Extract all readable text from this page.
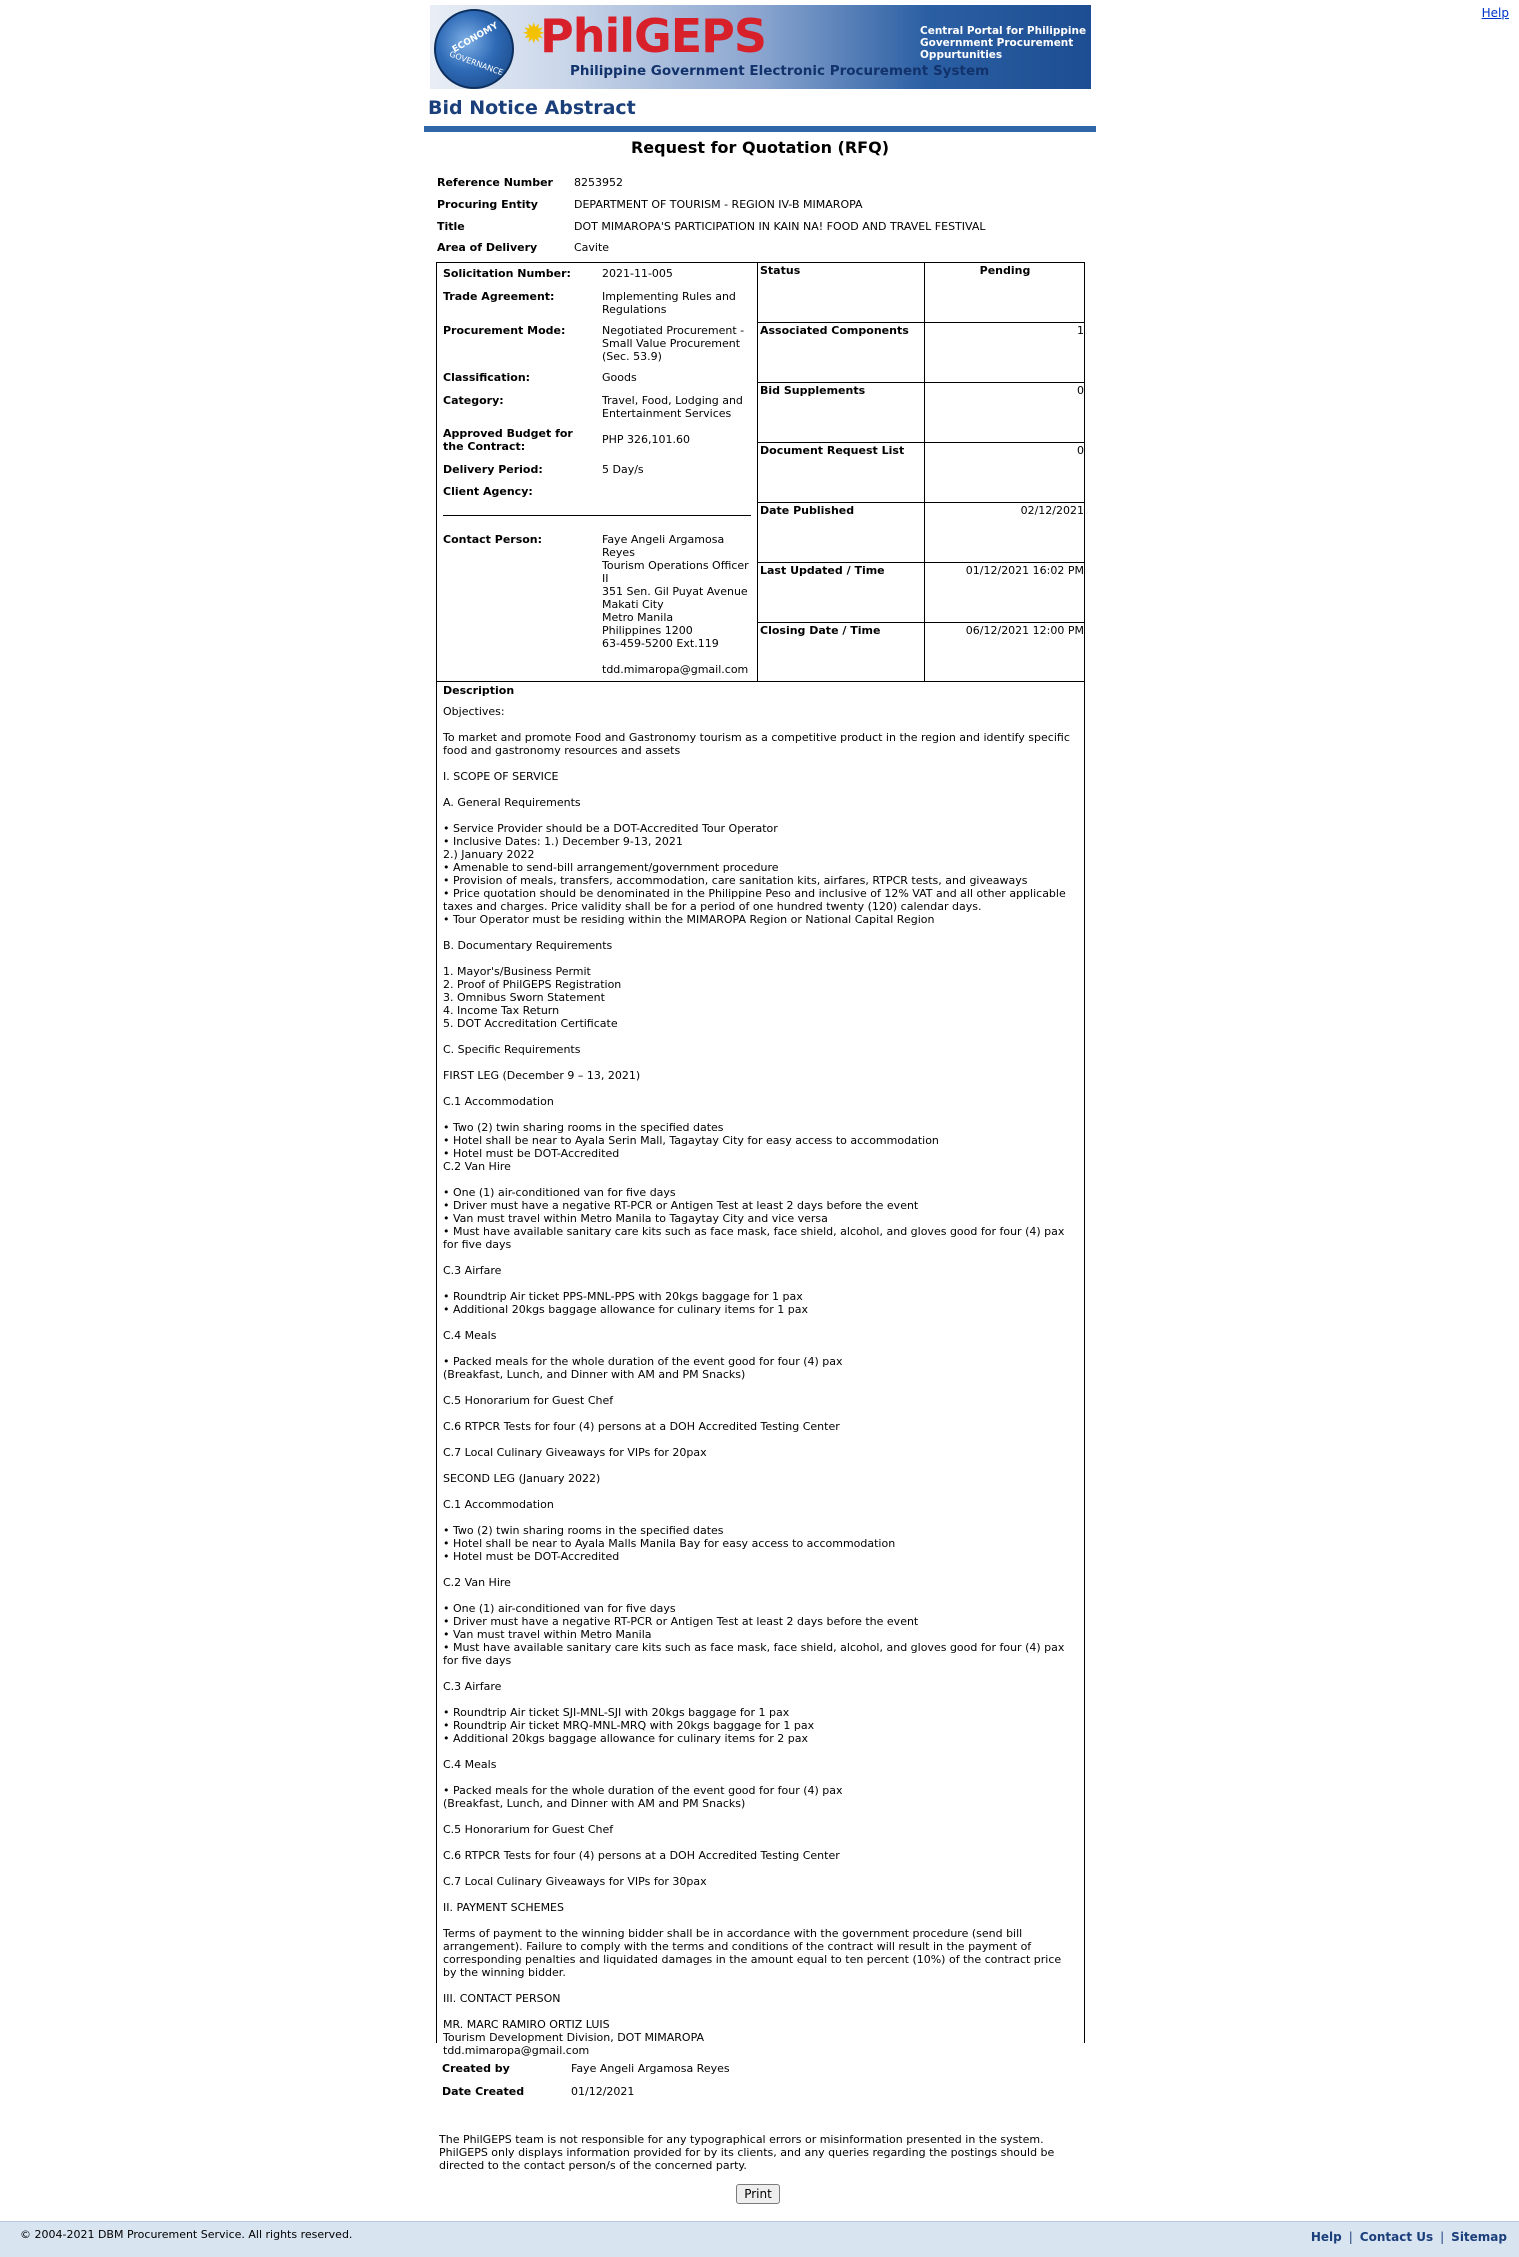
Help
ECONOMY
GOVERNANCE
✹
PhilGEPS
Philippine Government Electronic Procurement System
Central Portal for Philippine Government Procurement Oppurtunities
Bid Notice Abstract
Request for Quotation (RFQ)
Reference Number 8253952
Procuring Entity	DEPARTMENT OF TOURISM - REGION IV-B MIMAROPA
Title	DOT MIMAROPA'S PARTICIPATION IN KAIN NA! FOOD AND TRAVEL FESTIVAL
Area of Delivery	Cavite
Solicitation Number:	2021-11-005
Trade Agreement:	Implementing Rules and Regulations
Procurement Mode:	Negotiated Procurement - Small Value Procurement (Sec. 53.9)
Classification:	Goods
Category:	Travel, Food, Lodging and Entertainment Services
Approved Budget for the Contract:
PHP 326,101.60
Delivery Period:	5 Day/s
Client Agency:
Contact Person:	Faye Angeli Argamosa Reyes
Tourism Operations Officer II
351 Sen. Gil Puyat Avenue
Makati City
Metro Manila
Philippines 1200
63-459-5200 Ext.119
tdd.mimaropa@gmail.com
Status	Pending
Associated Components	1
Bid Supplements	0
Document Request List	0
Date Published	02/12/2021
Last Updated / Time	01/12/2021 16:02 PM
Closing Date / Time	06/12/2021 12:00 PM
Description

Objectives:

To market and promote Food and Gastronomy tourism as a competitive product in the region and identify specific food and gastronomy resources and assets

I. SCOPE OF SERVICE

A. General Requirements

• Service Provider should be a DOT-Accredited Tour Operator
• Inclusive Dates: 1.) December 9-13, 2021
2.) January 2022
• Amenable to send-bill arrangement/government procedure
• Provision of meals, transfers, accommodation, care sanitation kits, airfares, RTPCR tests, and giveaways
• Price quotation should be denominated in the Philippine Peso and inclusive of 12% VAT and all other applicable taxes and charges. Price validity shall be for a period of one hundred twenty (120) calendar days.
• Tour Operator must be residing within the MIMAROPA Region or National Capital Region

B. Documentary Requirements

1. Mayor's/Business Permit
2. Proof of PhilGEPS Registration
3. Omnibus Sworn Statement
4. Income Tax Return
5. DOT Accreditation Certificate

C. Specific Requirements

FIRST LEG (December 9 – 13, 2021)

C.1 Accommodation

• Two (2) twin sharing rooms in the specified dates
• Hotel shall be near to Ayala Serin Mall, Tagaytay City for easy access to accommodation
• Hotel must be DOT-Accredited
C.2 Van Hire

• One (1) air-conditioned van for five days
• Driver must have a negative RT-PCR or Antigen Test at least 2 days before the event
• Van must travel within Metro Manila to Tagaytay City and vice versa
• Must have available sanitary care kits such as face mask, face shield, alcohol, and gloves good for four (4) pax for five days

C.3 Airfare

• Roundtrip Air ticket PPS-MNL-PPS with 20kgs baggage for 1 pax
• Additional 20kgs baggage allowance for culinary items for 1 pax

C.4 Meals

• Packed meals for the whole duration of the event good for four (4) pax
(Breakfast, Lunch, and Dinner with AM and PM Snacks)

C.5 Honorarium for Guest Chef

C.6 RTPCR Tests for four (4) persons at a DOH Accredited Testing Center

C.7 Local Culinary Giveaways for VIPs for 20pax

SECOND LEG (January 2022)

C.1 Accommodation

• Two (2) twin sharing rooms in the specified dates
• Hotel shall be near to Ayala Malls Manila Bay for easy access to accommodation
• Hotel must be DOT-Accredited

C.2 Van Hire

• One (1) air-conditioned van for five days
• Driver must have a negative RT-PCR or Antigen Test at least 2 days before the event
• Van must travel within Metro Manila
• Must have available sanitary care kits such as face mask, face shield, alcohol, and gloves good for four (4) pax for five days

C.3 Airfare

• Roundtrip Air ticket SJI-MNL-SJI with 20kgs baggage for 1 pax
• Roundtrip Air ticket MRQ-MNL-MRQ with 20kgs baggage for 1 pax
• Additional 20kgs baggage allowance for culinary items for 2 pax

C.4 Meals

• Packed meals for the whole duration of the event good for four (4) pax
(Breakfast, Lunch, and Dinner with AM and PM Snacks)

C.5 Honorarium for Guest Chef

C.6 RTPCR Tests for four (4) persons at a DOH Accredited Testing Center

C.7 Local Culinary Giveaways for VIPs for 30pax

II. PAYMENT SCHEMES

Terms of payment to the winning bidder shall be in accordance with the government procedure (send bill arrangement). Failure to comply with the terms and conditions of the contract will result in the payment of corresponding penalties and liquidated damages in the amount equal to ten percent (10%) of the contract price by the winning bidder.

III. CONTACT PERSON

MR. MARC RAMIRO ORTIZ LUIS
Tourism Development Division, DOT MIMAROPA
tdd.mimaropa@gmail.com

Created by	Faye Angeli Argamosa Reyes
Date Created	01/12/2021
The PhilGEPS team is not responsible for any typographical errors or misinformation presented in the system. PhilGEPS only displays information provided for by its clients, and any queries regarding the postings should be directed to the contact person/s of the concerned party.
Print
© 2004-2021 DBM Procurement Service. All rights reserved.	Help | Contact Us | Sitemap
